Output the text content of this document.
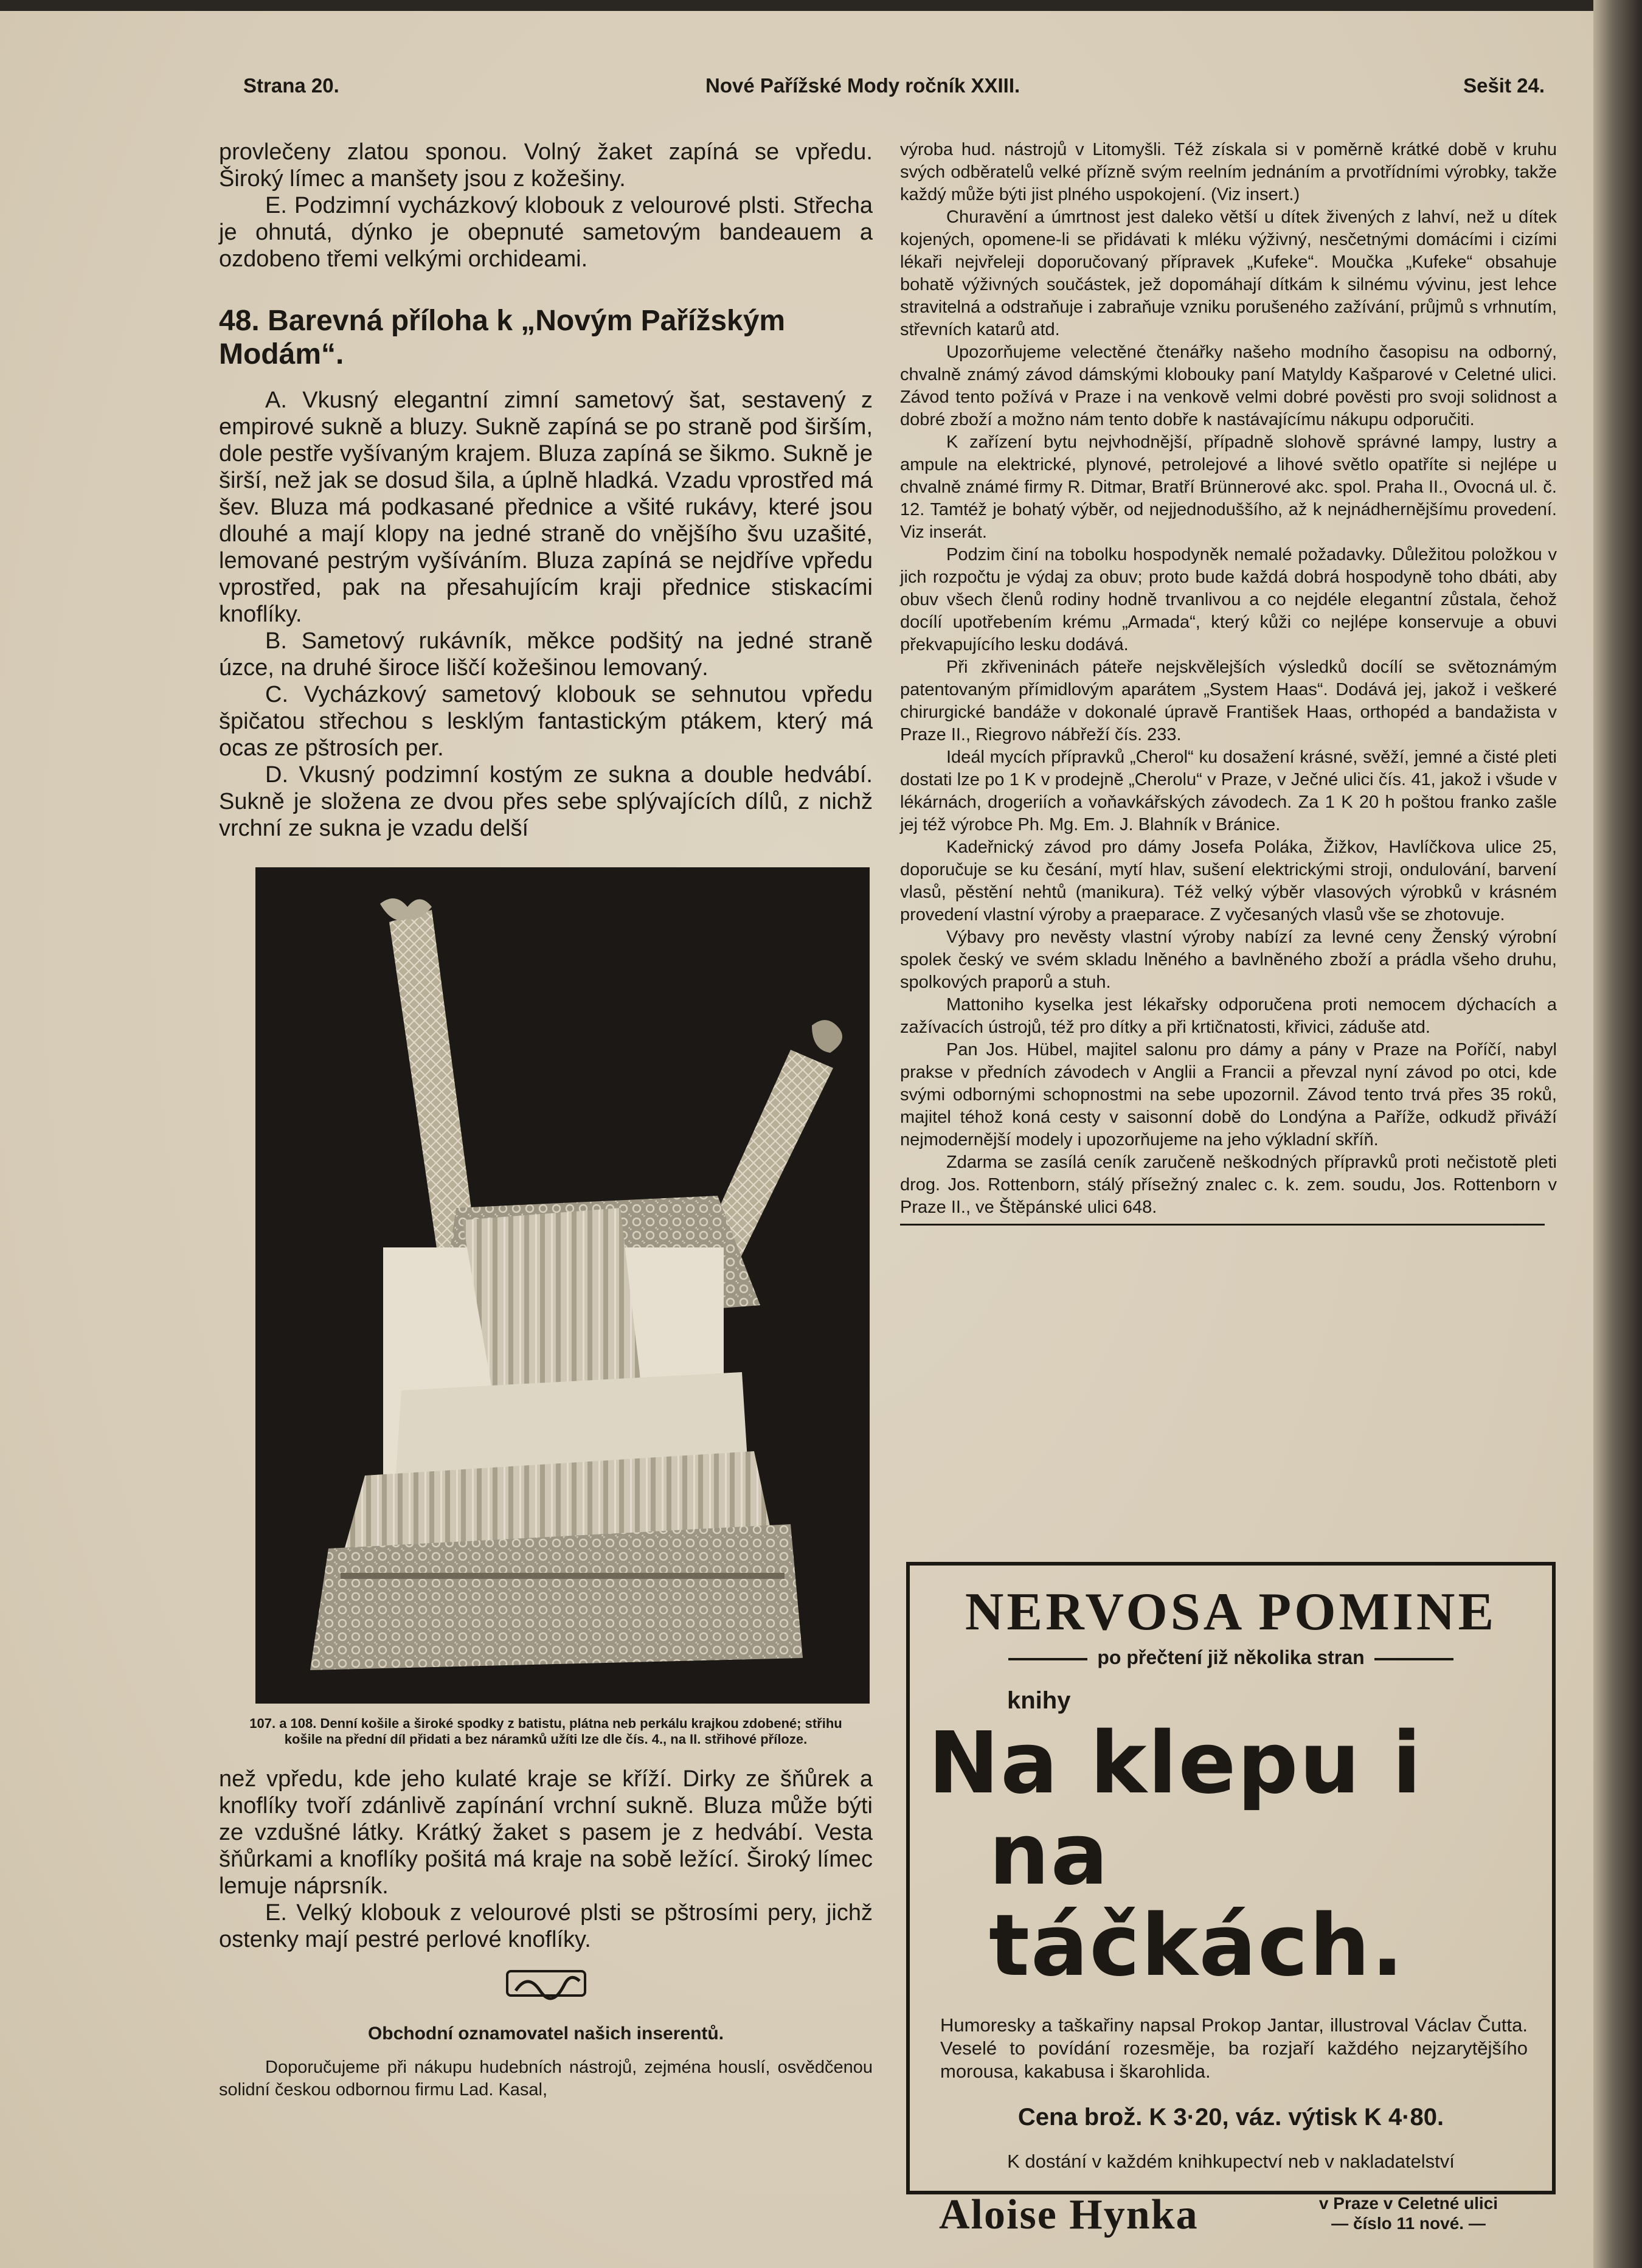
Strana 20.	Nové Pařížské Mody ročník XXIII.	Sešit 24.

provlečeny zlatou sponou. Volný žaket zapíná se vpředu. Široký límec a manšety jsou z kožešiny.

E. Podzimní vycházkový klobouk z velourové plsti. Střecha je ohnutá, dýnko je obepnuté sametovým bandeauem a ozdobeno třemi velkými orchideami.

48. Barevná příloha k „Novým Pařížským Modám“.

A. Vkusný elegantní zimní sametový šat, sestavený z empirové sukně a bluzy. Sukně zapíná se po straně pod širším, dole pestře vyšívaným krajem. Bluza zapíná se šikmo. Sukně je širší, než jak se dosud šila, a úplně hladká. Vzadu vprostřed má šev. Bluza má podkasané přednice a všité rukávy, které jsou dlouhé a mají klopy na jedné straně do vnějšího švu uzašité, lemované pestrým vyšíváním. Bluza zapíná se nejdříve vpředu vprostřed, pak na přesahujícím kraji přednice stiskacími knoflíky.

B. Sametový rukávník, měkce podšitý na jedné straně úzce, na druhé široce liščí kožešinou lemovaný.

C. Vycházkový sametový klobouk se sehnutou vpředu špičatou střechou s lesklým fantastickým ptákem, který má ocas ze pštrosích per.

D. Vkusný podzimní kostým ze sukna a double hedvábí. Sukně je složena ze dvou přes sebe splývajících dílů, z nichž vrchní ze sukna je vzadu delší

107. a 108. Denní košile a široké spodky z batistu, plátna neb perkálu krajkou zdobené; střihu košile na přední díl přidati a bez náramků užíti lze dle čís. 4., na II. střihové příloze.

než vpředu, kde jeho kulaté kraje se kříží. Dirky ze šňůrek a knoflíky tvoří zdánlivě zapínání vrchní sukně. Bluza může býti ze vzdušné látky. Krátký žaket s pasem je z hedvábí. Vesta šňůrkami a knoflíky pošitá má kraje na sobě ležící. Široký límec lemuje náprsník.

E. Velký klobouk z velourové plsti se pštrosími pery, jichž ostenky mají pestré perlové knoflíky.

Obchodní oznamovatel našich inserentů.

Doporučujeme při nákupu hudebních nástrojů, zejména houslí, osvědčenou solidní českou odbornou firmu Lad. Kasal,

výroba hud. nástrojů v Litomyšli. Též získala si v poměrně krátké době v kruhu svých odběratelů velké přízně svým reelním jednáním a prvotřídními výrobky, takže každý může býti jist plného uspokojení. (Viz insert.)

Churavění a úmrtnost jest daleko větší u dítek živených z lahví, než u dítek kojených, opomene-li se přidávati k mléku výživný, nesčetnými domácími i cizími lékaři nejvřeleji doporučovaný přípravek „Kufeke“. Moučka „Kufeke“ obsahuje bohatě výživných součástek, jež dopomáhají dítkám k silnému vývinu, jest lehce stravitelná a odstraňuje i zabraňuje vzniku porušeného zažívání, průjmů s vrhnutím, střevních katarů atd.

Upozorňujeme velectěné čtenářky našeho modního časopisu na odborný, chvalně známý závod dámskými klobouky paní Matyldy Kašparové v Celetné ulici. Závod tento požívá v Praze i na venkově velmi dobré pověsti pro svoji solidnost a dobré zboží a možno nám tento dobře k nastávajícímu nákupu odporučiti.

K zařízení bytu nejvhodnější, případně slohově správné lampy, lustry a ampule na elektrické, plynové, petrolejové a lihové světlo opatříte si nejlépe u chvalně známé firmy R. Ditmar, Bratří Brünnerové akc. spol. Praha II., Ovocná ul. č. 12. Tamtéž je bohatý výběr, od nejjednoduššího, až k nejnádhernějšímu provedení. Viz inserát.

Podzim činí na tobolku hospodyněk nemalé požadavky. Důležitou položkou v jich rozpočtu je výdaj za obuv; proto bude každá dobrá hospodyně toho dbáti, aby obuv všech členů rodiny hodně trvanlivou a co nejdéle elegantní zůstala, čehož docílí upotřebením krému „Armada“, který kůži co nejlépe konservuje a obuvi překvapujícího lesku dodává.

Při zkřiveninách páteře nejskvělejších výsledků docílí se světoznámým patentovaným přímidlovým aparátem „System Haas“. Dodává jej, jakož i veškeré chirurgické bandáže v dokonalé úpravě František Haas, orthopéd a bandažista v Praze II., Riegrovo nábřeží čís. 233.

Ideál mycích přípravků „Cherol“ ku dosažení krásné, svěží, jemné a čisté pleti dostati lze po 1 K v prodejně „Cherolu“ v Praze, v Ječné ulici čís. 41, jakož i všude v lékárnách, drogeriích a voňavkářských závodech. Za 1 K 20 h poštou franko zašle jej též výrobce Ph. Mg. Em. J. Blahník v Bránice.

Kadeřnický závod pro dámy Josefa Poláka, Žižkov, Havlíčkova ulice 25, doporučuje se ku česání, mytí hlav, sušení elektrickými stroji, ondulování, barvení vlasů, pěstění nehtů (manikura). Též velký výběr vlasových výrobků v krásném provedení vlastní výroby a praeparace. Z vyčesaných vlasů vše se zhotovuje.

Výbavy pro nevěsty vlastní výroby nabízí za levné ceny Ženský výrobní spolek český ve svém skladu lněného a bavlněného zboží a prádla všeho druhu, spolkových praporů a stuh.

Mattoniho kyselka jest lékařsky odporučena proti nemocem dýchacích a zažívacích ústrojů, též pro dítky a při krtičnatosti, křivici, záduše atd.

Pan Jos. Hübel, majitel salonu pro dámy a pány v Praze na Poříčí, nabyl prakse v předních závodech v Anglii a Francii a převzal nyní závod po otci, kde svými odbornými schopnostmi na sebe upozornil. Závod tento trvá přes 35 roků, majitel téhož koná cesty v saisonní době do Londýna a Paříže, odkudž přiváží nejmodernější modely i upozorňujeme na jeho výkladní skříň.

Zdarma se zasílá ceník zaručeně neškodných přípravků proti nečistotě pleti drog. Jos. Rottenborn, stálý přísežný znalec c. k. zem. soudu, Jos. Rottenborn v Praze II., ve Štěpánské ulici 648.

NERVOSA POMINE
po přečtení již několika stran
knihy
Na klepu i
na táčkách.
Humoresky a taškařiny napsal Prokop Jantar, illustroval Václav Čutta. Veselé to povídání rozesměje, ba rozjaří každého nejzarytějšího morousa, kakabusa i škarohlida.
Cena brož. K 3·20, váz. výtisk K 4·80.
K dostání v každém knihkupectví neb v nakladatelství
Aloise Hynka	v Praze v Celetné ulici
— číslo 11 nové. —
